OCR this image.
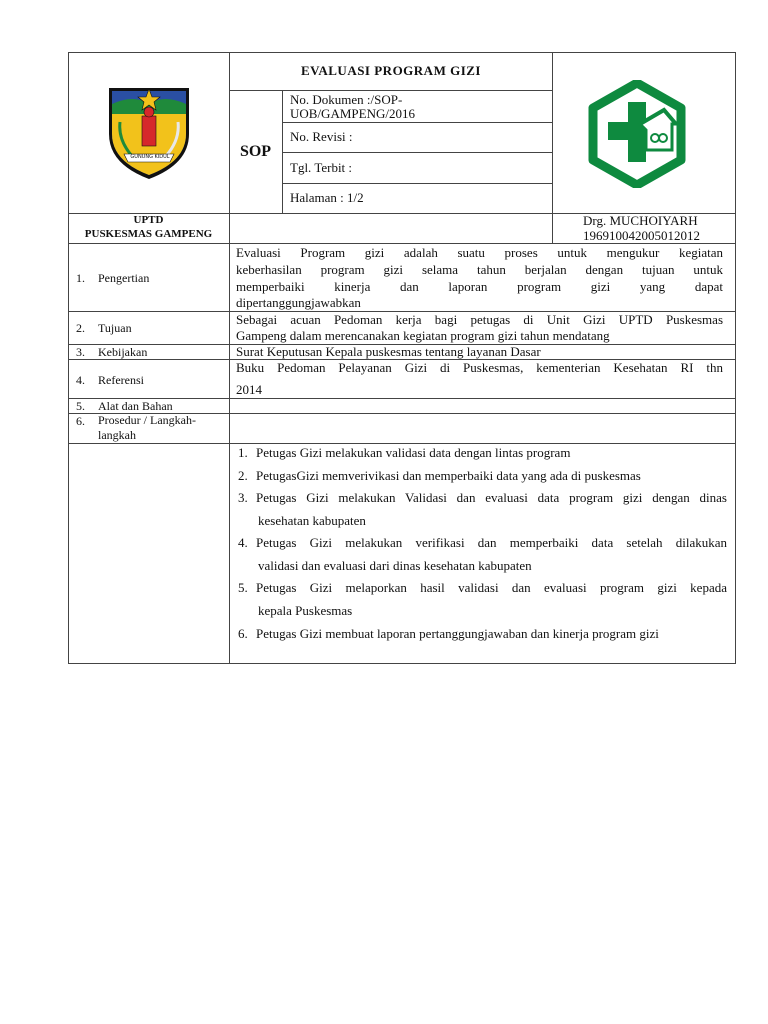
GUNUNG KIDUL
EVALUASI PROGRAM GIZI
SOP
No. Dokumen :/SOP-
UOB/GAMPENG/2016
No. Revisi :
Tgl. Terbit :
Halaman : 1/2
UPTD
PUSKESMAS GAMPENG
Drg. MUCHOIYARH
196910042005012012
1. Pengertian
2. Tujuan
3. Kebijakan
4. Referensi
5. Alat dan Bahan
6. Prosedur / Langkah-
langkah
Evaluasi Program gizi adalah suatu proses untuk mengukur kegiatan
keberhasilan program gizi selama tahun berjalan dengan tujuan untuk
memperbaiki kinerja dan laporan program gizi yang dapat
dipertanggungjawabkan
Sebagai acuan Pedoman kerja bagi petugas di Unit Gizi UPTD Puskesmas
Gampeng dalam merencanakan kegiatan program gizi tahun mendatang
Surat Keputusan Kepala puskesmas tentang layanan Dasar
Buku Pedoman Pelayanan Gizi di Puskesmas, kementerian Kesehatan RI thn
2014
1. Petugas Gizi melakukan validasi data dengan lintas program
2. PetugasGizi memverivikasi dan memperbaiki data yang ada di puskesmas
3. Petugas Gizi melakukan Validasi dan evaluasi data program gizi dengan dinas
kesehatan kabupaten
4. Petugas Gizi melakukan verifikasi dan memperbaiki data setelah dilakukan
validasi dan evaluasi dari dinas kesehatan kabupaten
5. Petugas Gizi melaporkan hasil validasi dan evaluasi program gizi kepada
kepala Puskesmas
6. Petugas Gizi membuat laporan pertanggungjawaban dan kinerja program gizi
